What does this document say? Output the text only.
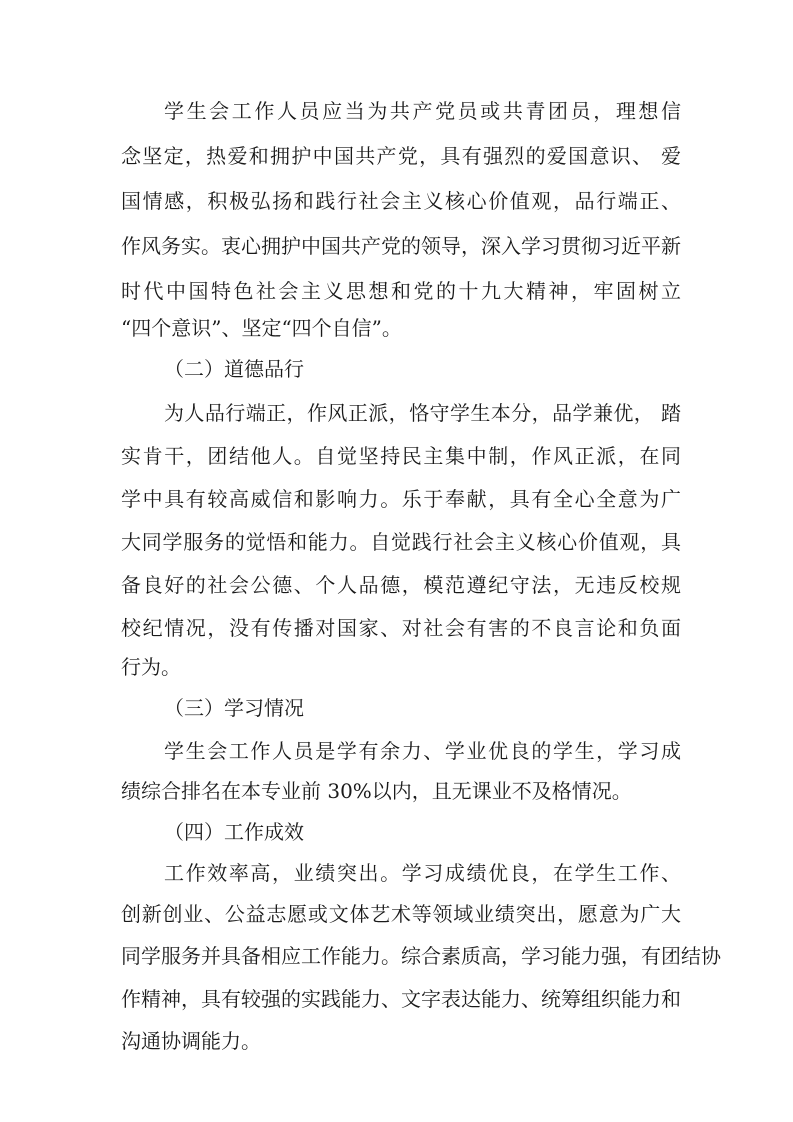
学生会工作人员应当为共产党员或共青团员，理想信
念坚定，热爱和拥护中国共产党，具有强烈的爱国意识、 爱
国情感，积极弘扬和践行社会主义核心价值观，品行端正、
作风务实。衷心拥护中国共产党的领导，深入学习贯彻习近平新
时代中国特色社会主义思想和党的十九大精神，牢固树立
“四个意识”、坚定“四个自信”。
（二）道德品行
为人品行端正，作风正派，恪守学生本分，品学兼优， 踏
实肯干，团结他人。自觉坚持民主集中制，作风正派，在同
学中具有较高威信和影响力。乐于奉献，具有全心全意为广
大同学服务的觉悟和能力。自觉践行社会主义核心价值观，具
备良好的社会公德、个人品德，模范遵纪守法，无违反校规
校纪情况，没有传播对国家、对社会有害的不良言论和负面
行为。
（三）学习情况
学生会工作人员是学有余力、学业优良的学生，学习成
绩综合排名在本专业前 30%以内，且无课业不及格情况。
（四）工作成效
工作效率高，业绩突出。学习成绩优良，在学生工作、
创新创业、公益志愿或文体艺术等领域业绩突出，愿意为广大
同学服务并具备相应工作能力。综合素质高，学习能力强，有团结协
作精神，具有较强的实践能力、文字表达能力、统筹组织能力和
沟通协调能力。
